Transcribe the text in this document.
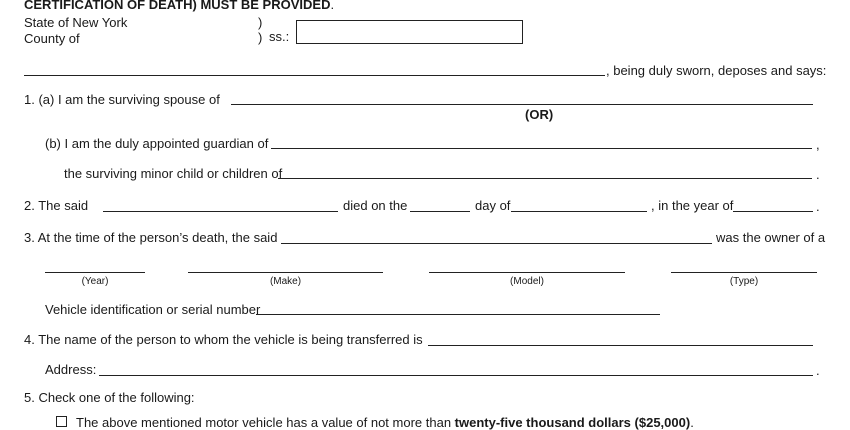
CERTIFICATION OF DEATH) MUST BE PROVIDED.
State of New York
County of
)
) ss.:
, being duly sworn, deposes and says:
1. (a) I am the surviving spouse of
(OR)
(b) I am the duly appointed guardian of	,
the surviving minor child or children of	.
2. The said	died on the	day of	, in the year of	.
3. At the time of the person’s death, the said	was the owner of a
(Year)	(Make)	(Model)	(Type)
Vehicle identification or serial number
4. The name of the person to whom the vehicle is being transferred is
Address:	.
5. Check one of the following:
The above mentioned motor vehicle has a value of not more than twenty-five thousand dollars ($25,000).
